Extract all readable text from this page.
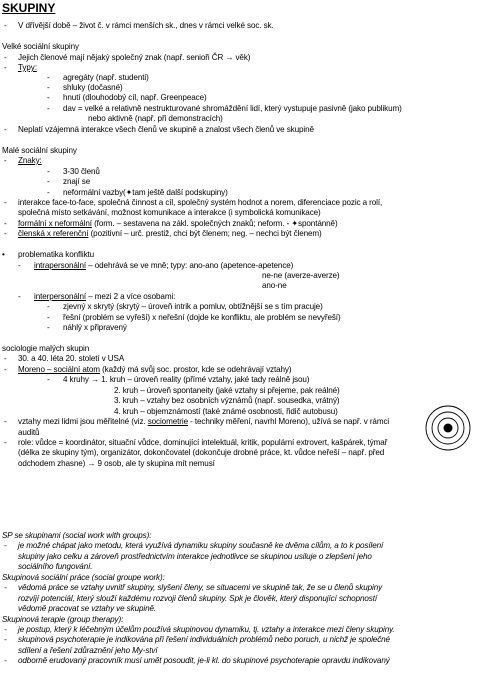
SKUPINY
- V dřívější době – život č. v rámci menších sk., dnes v rámci velké soc. sk.
Velké sociální skupiny
- Jejich členové mají nějaký společný znak (např. senioři ČR → věk)
- Typy:
- agregáty (např. studenti)
- shluky (dočasné)
- hnutí (dlouhodobý cíl, např. Greenpeace)
- dav = velké a relativně nestrukturované shromáždění lidí, který vystupuje pasivně (jako publikum)
nebo aktivně (např. při demonstracích)
- Neplatí vzájemná interakce všech členů ve skupině a znalost všech členů ve skupině
Malé sociální skupiny
- Znaky:
- 3-30 členů
- znají se
- neformální vazby(✦tam ještě další podskupiny)
- interakce face-to-face, společná činnost a cíl, společný systém hodnot a norem, diferenciace pozic a rolí,
společná místo setkávání, možnost komunikace a interakce (i symbolická komunikace)
- formální x neformální (form. – sestavena na zákl. společných znaků; neform. - ✦spontánně)
- členská x referenční (pozitivní – urč. prestiž, chci být členem; neg. – nechci být členem)
• problematika konfliktu
- intrapersonální – odehrává se ve mně; typy: ano-ano (apetence-apetence)
ne-ne (averze-averze)
ano-ne
- interpersonální – mezi 2 a více osobami:
- zjevný x skrytý (skrytý – úroveň intrik a pomluv, obtížnější se s tím pracuje)
- řešní (problém se vyřeší) x neřešní (dojde ke konfliktu, ale problém se nevyřeší)
- náhlý x připravený
sociologie malých skupin
- 30. a 40. léta 20. století v USA
- Moreno – sociální atom (každý má svůj soc. prostor, kde se odehrávají vztahy)
- 4 kruhy → 1. kruh – úroveň reality (přímé vztahy, jaké tady reálně jsou)
2. kruh – úroveň spontaneity (jaké vztahy si přejeme, pak reálné)
3. kruh – vztahy bez osobních význámů (např. sousedka, vrátný)
4. kruh – objemznámostí (také známé osobnosti, řidič autobusu)
- vztahy mezi lidmi jsou měřitelné (viz. sociometrie - techniky měření, navrhl Moreno), užívá se např. v rámci
auditů
- role: vůdce = koordinátor, situační vůdce, dominující intelektuál, kritik, populární extrovert, kašpárek, týmař
(délka ze skupiny tým), organizátor, dokončovatel (dokončuje drobné práce, kt. vůdce neřeší – např. před
odchodem zhasne) → 9 osob, ale ty skupina mít nemusí
SP se skupinami (social work with groups):
- je možné chápat jako metodu, která využívá dynamiku skupiny současně ke dvěma cílům, a to k posílení
skupiny jako celku a zároveň prostřednictvím interakce jednotlivce se skupinou usiluje o zlepšení jeho
sociálního fungování.
Skupinová sociální práce (social groupe work):
- vědomá práce se vztahy uvnitř skupiny, slyšení členy, se situacemi ve skupině tak, že se u členů skupiny
rozvíjí potenciál, který slouží každému rozvoji členů skupiny. Spk je člověk, který disponující schopností
vědomě pracovat se vztahy ve skupině.
Skupinová terapie (group therapy):
- je postup, který k léčebným účelům používá skupinovou dynamiku, tj. vztahy a interakce mezi členy skupiny.
- skupinová psychoterapie je indikována při řešení individuálních problémů nebo poruch, u nichž je společné
sdílení a řešení zdůraznění jeho My-ství
- odborně erudovaný pracovník musí umět posoudit, je-li kl. do skupinové psychoterapie opravdu indikovaný
